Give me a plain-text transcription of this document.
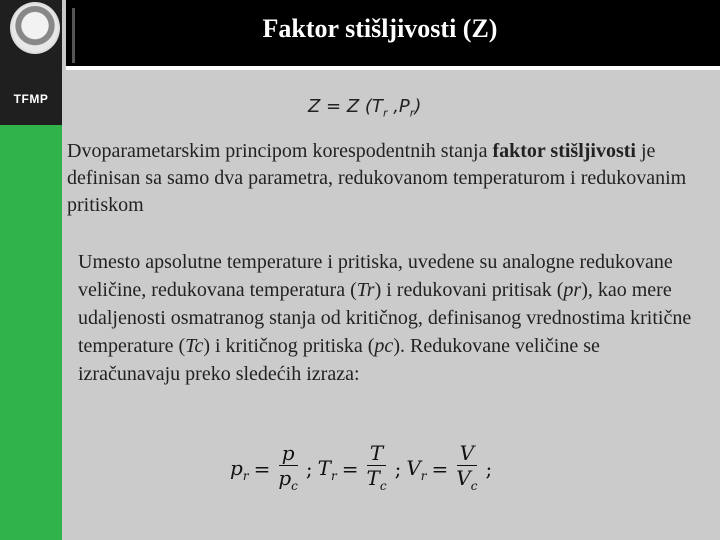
TFMP
Faktor stišljivosti (Z)
Z = Z ($T_r$ $,P_r$)
Dvoparametarskim principom korespodentnih stanja faktor stišljivosti je definisan sa samo dva parametra, redukovanom temperaturom i redukovanim pritiskom
Umesto apsolutne temperature i pritiska, uvedene su analogne redukovane veličine, redukovana temperatura (Tr) i redukovani pritisak (pr), kao mere udaljenosti osmatranog stanja od kritičnog, definisanog vrednostima kritične temperature (Tc) i kritičnog pritiska (pc). Redukovane veličine se izračunavaju preko sledećih izraza:
$p_r = \frac{p}{p_c}$ ; $T_r = \frac{T}{T_c}$ ; $V_r = \frac{V}{V_c}$ ;
